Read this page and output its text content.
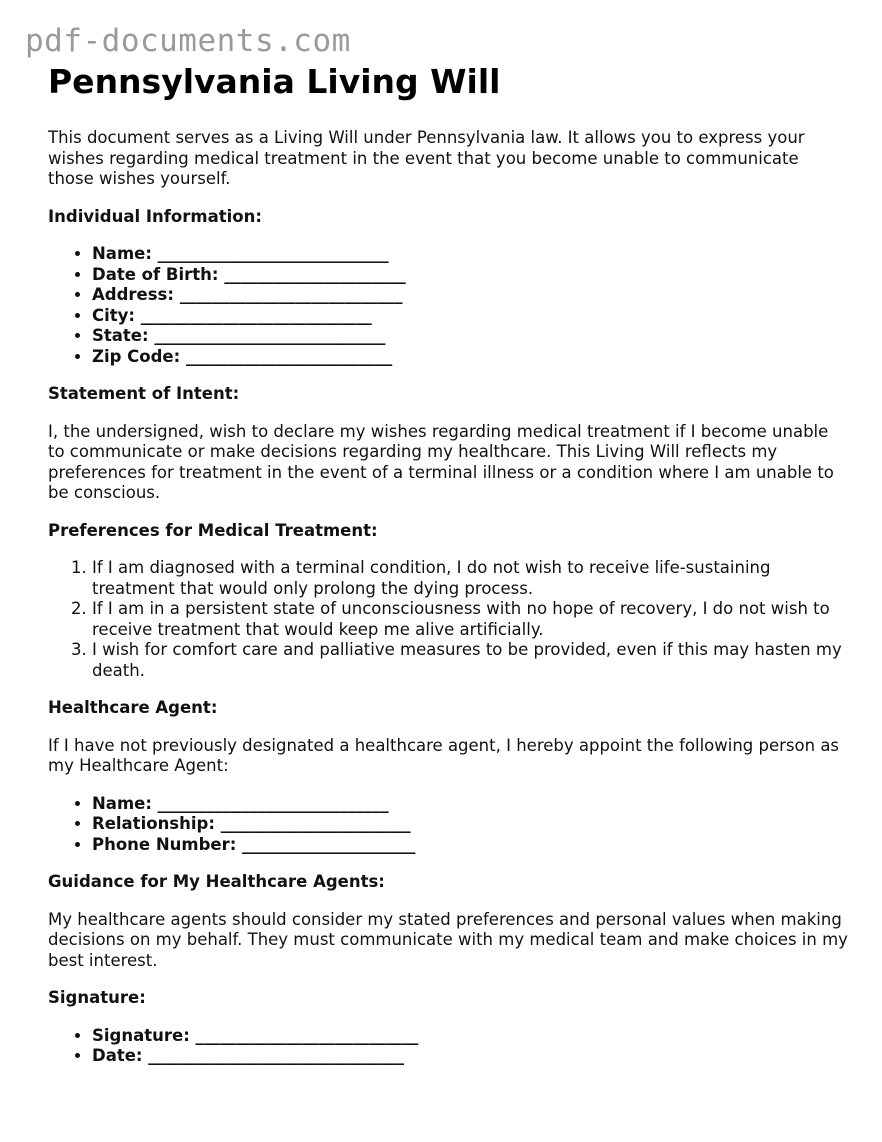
pdf-documents.com
Pennsylvania Living Will

This document serves as a Living Will under Pennsylvania law. It allows you to express your wishes regarding medical treatment in the event that you become unable to communicate those wishes yourself.

Individual Information:
• Name: ____________________________
• Date of Birth: ______________________
• Address: ___________________________
• City: ____________________________
• State: ____________________________
• Zip Code: _________________________
Statement of Intent:

I, the undersigned, wish to declare my wishes regarding medical treatment if I become unable to communicate or make decisions regarding my healthcare. This Living Will reflects my preferences for treatment in the event of a terminal illness or a condition where I am unable to be conscious.

Preferences for Medical Treatment:
1. If I am diagnosed with a terminal condition, I do not wish to receive life-sustaining treatment that would only prolong the dying process.
2. If I am in a persistent state of unconsciousness with no hope of recovery, I do not wish to receive treatment that would keep me alive artificially.
3. I wish for comfort care and palliative measures to be provided, even if this may hasten my death.
Healthcare Agent:

If I have not previously designated a healthcare agent, I hereby appoint the following person as my Healthcare Agent:

• Name: ____________________________
• Relationship: _______________________
• Phone Number: _____________________
Guidance for My Healthcare Agents:

My healthcare agents should consider my stated preferences and personal values when making decisions on my behalf. They must communicate with my medical team and make choices in my best interest.

Signature:
• Signature: ___________________________
• Date: _______________________________
